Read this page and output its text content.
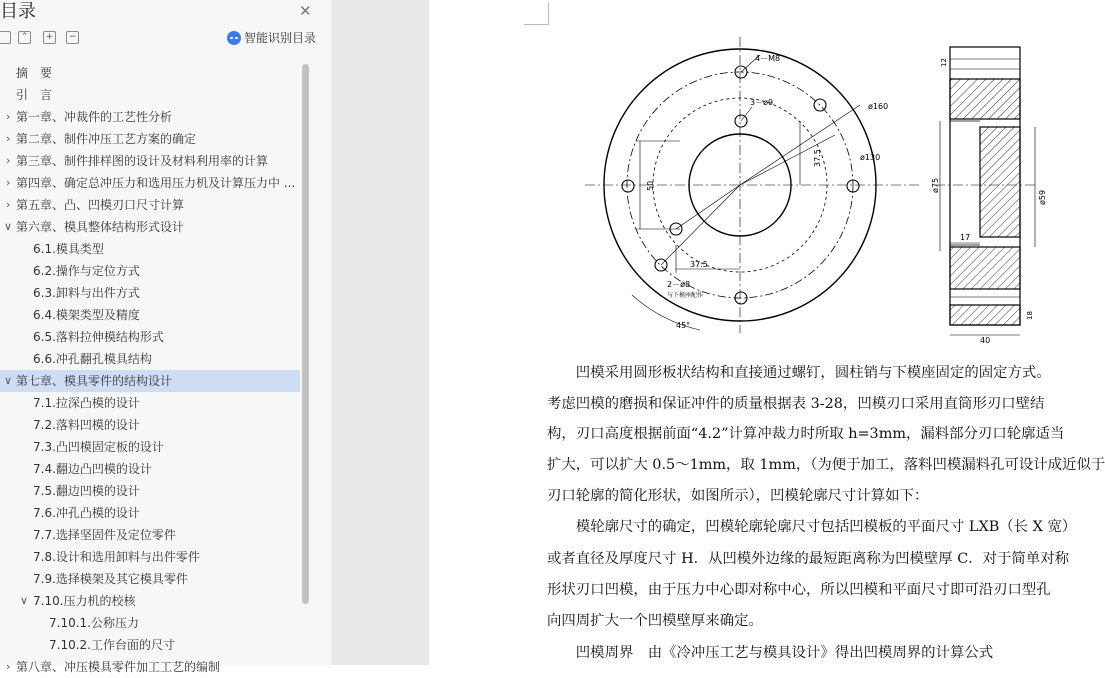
目录	✕
⌃	+	−	智能识别目录
摘　要
引　言
› 第一章、冲裁件的工艺性分析
› 第二章、制件冲压工艺方案的确定
› 第三章、制件排样图的设计及材料利用率的计算
› 第四章、确定总冲压力和选用压力机及计算压力中 ...
› 第五章、凸、凹模刃口尺寸计算
∨ 第六章、模具整体结构形式设计
6.1.模具类型
6.2.操作与定位方式
6.3.卸料与出件方式
6.4.模架类型及精度
6.5.落料拉伸模结构形式
6.6.冲孔翻孔模具结构
∨ 第七章、模具零件的结构设计
7.1.拉深凸模的设计
7.2.落料凹模的设计
7.3.凸凹模固定板的设计
7.4.翻边凸凹模的设计
7.5.翻边凹模的设计
7.6.冲孔凸模的设计
7.7.选择坚固件及定位零件
7.8.设计和选用卸料与出件零件
7.9.选择模架及其它模具零件
∨ 7.10.压力机的校核
7.10.1.公称压力
7.10.2.工作台面的尺寸
› 第八章、冲压模具零件加工工艺的编制
4－M8
3－ø9	ø160
ø130
37.5
50
37.5
2－ø8
与下模座配作
45°
ø75
ø59
17
40
12
18
　　凹模采用圆形板状结构和直接通过螺钉，圆柱销与下模座固定的固定方式。
考虑凹模的磨损和保证冲件的质量根据表 3-28，凹模刃口采用直筒形刃口壁结
构，刃口高度根据前面“4.2”计算冲裁力时所取 h=3mm，漏料部分刃口轮廓适当
扩大，可以扩大 0.5～1mm，取 1mm，（为便于加工，落料凹模漏料孔可设计成近似于
刃口轮廓的简化形状，如图所示），凹模轮廓尺寸计算如下：
　　模轮廓尺寸的确定，凹模轮廓轮廓尺寸包括凹模板的平面尺寸 LXB（长 X 宽）
或者直径及厚度尺寸 H．从凹模外边缘的最短距离称为凹模壁厚 C．对于简单对称
形状刃口凹模，由于压力中心即对称中心，所以凹模和平面尺寸即可沿刃口型孔
向四周扩大一个凹模壁厚来确定。
　　凹模周界　由《冷冲压工艺与模具设计》得出凹模周界的计算公式
